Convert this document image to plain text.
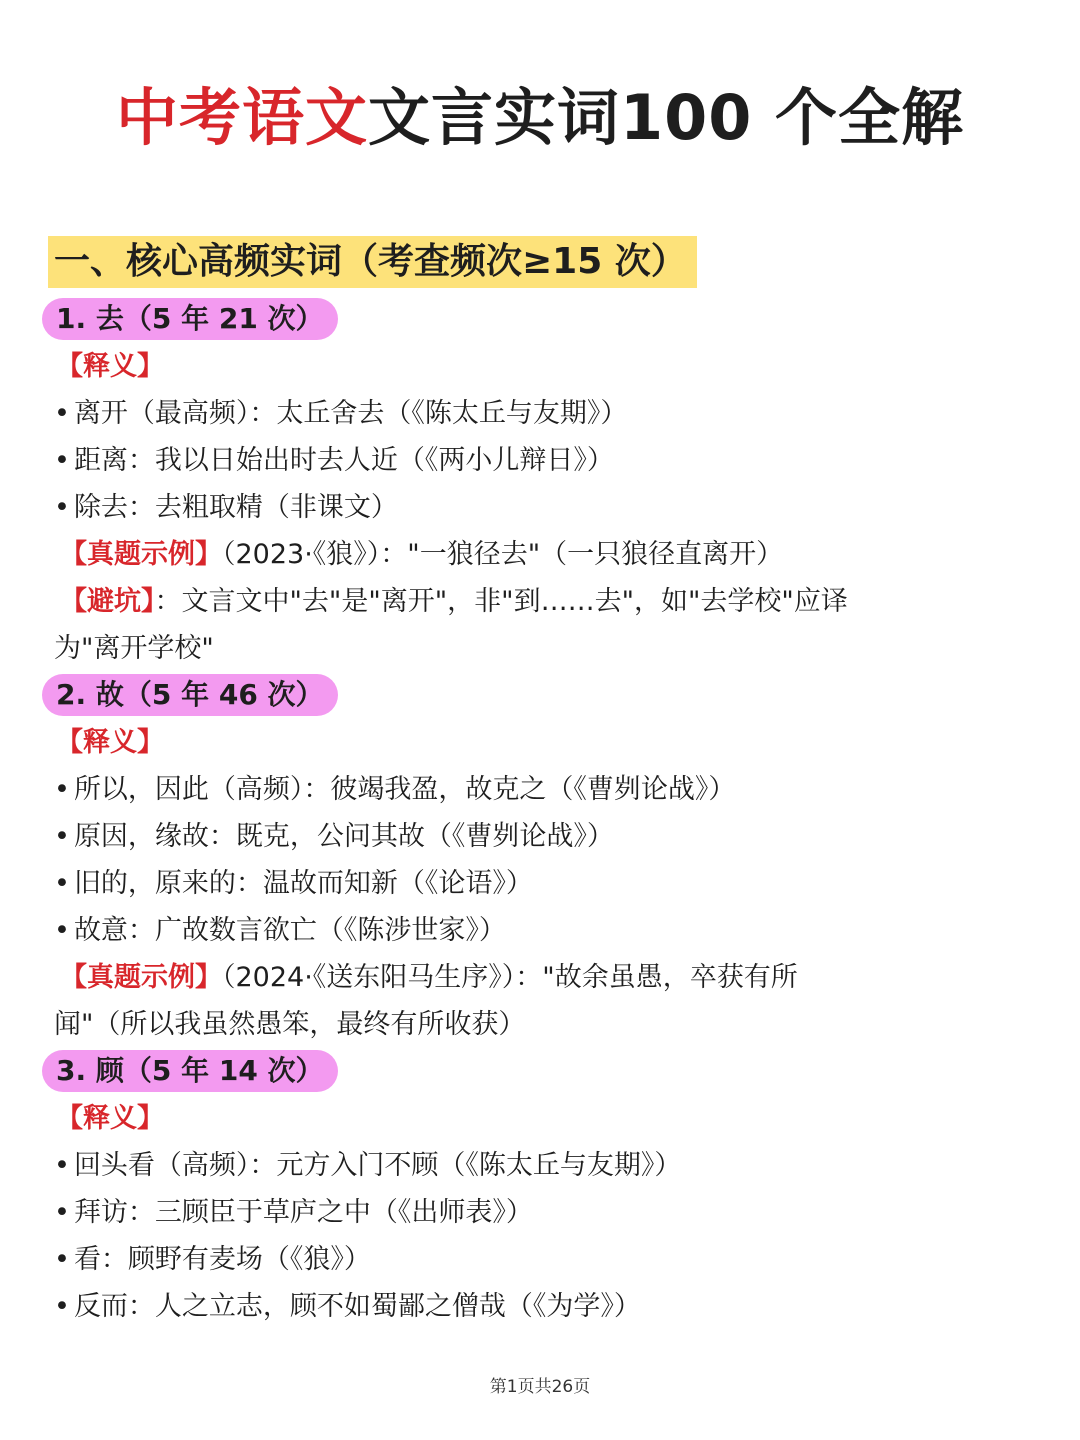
中考语文文言实词100 个全解
一、核心高频实词（考查频次≥15 次）
1. 去（5 年 21 次）
【释义】
• 离开（最高频）：太丘舍去（《陈太丘与友期》）
• 距离：我以日始出时去人近（《两小儿辩日》）
• 除去：去粗取精（非课文）
【真题示例】（2023·《狼》）："一狼径去"（一只狼径直离开）
【避坑】：文言文中"去"是"离开"，非"到……去"，如"去学校"应译
为"离开学校"
2. 故（5 年 46 次）
【释义】
• 所以，因此（高频）：彼竭我盈，故克之（《曹刿论战》）
• 原因，缘故：既克，公问其故（《曹刿论战》）
• 旧的，原来的：温故而知新（《论语》）
• 故意：广故数言欲亡（《陈涉世家》）
【真题示例】（2024·《送东阳马生序》）："故余虽愚，卒获有所
闻"（所以我虽然愚笨，最终有所收获）
3. 顾（5 年 14 次）
【释义】
• 回头看（高频）：元方入门不顾（《陈太丘与友期》）
• 拜访：三顾臣于草庐之中（《出师表》）
• 看：顾野有麦场（《狼》）
• 反而：人之立志，顾不如蜀鄙之僧哉（《为学》）
第1页共26页
